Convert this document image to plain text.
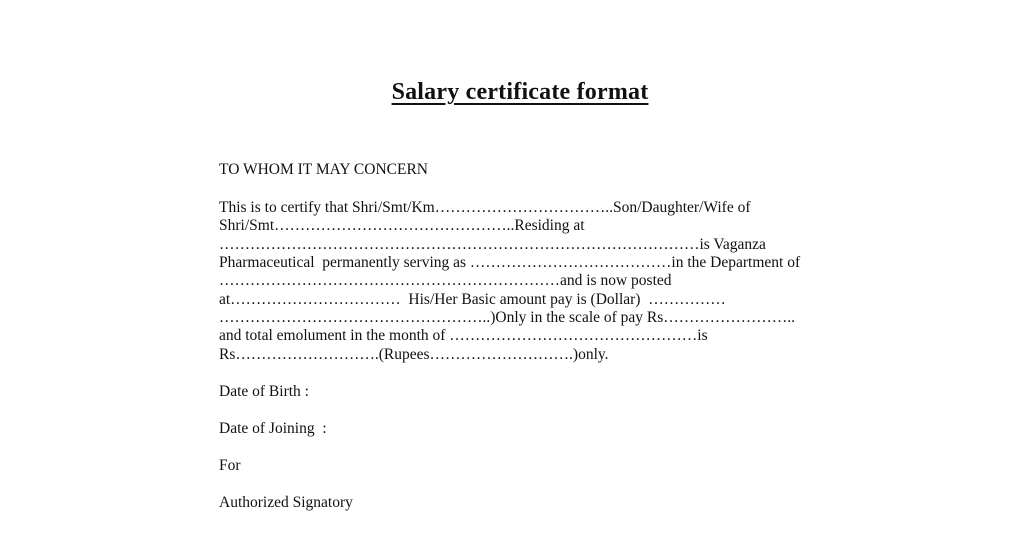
Salary certificate format
TO WHOM IT MAY CONCERN
This is to certify that Shri/Smt/Km……………………………..Son/Daughter/Wife of
Shri/Smt………………………………………..Residing at
…………………………………………………………………………………is Vaganza
Pharmaceutical  permanently serving as …………………………………in the Department of
…………………………………………………………and is now posted
at……………………………  His/Her Basic amount pay is (Dollar)  ……………
……………………………………………..)Only in the scale of pay Rs……………………..
and total emolument in the month of …………………………………………is
Rs……………………….(Rupees……………………….)only.
Date of Birth :
Date of Joining  :
For
Authorized Signatory
